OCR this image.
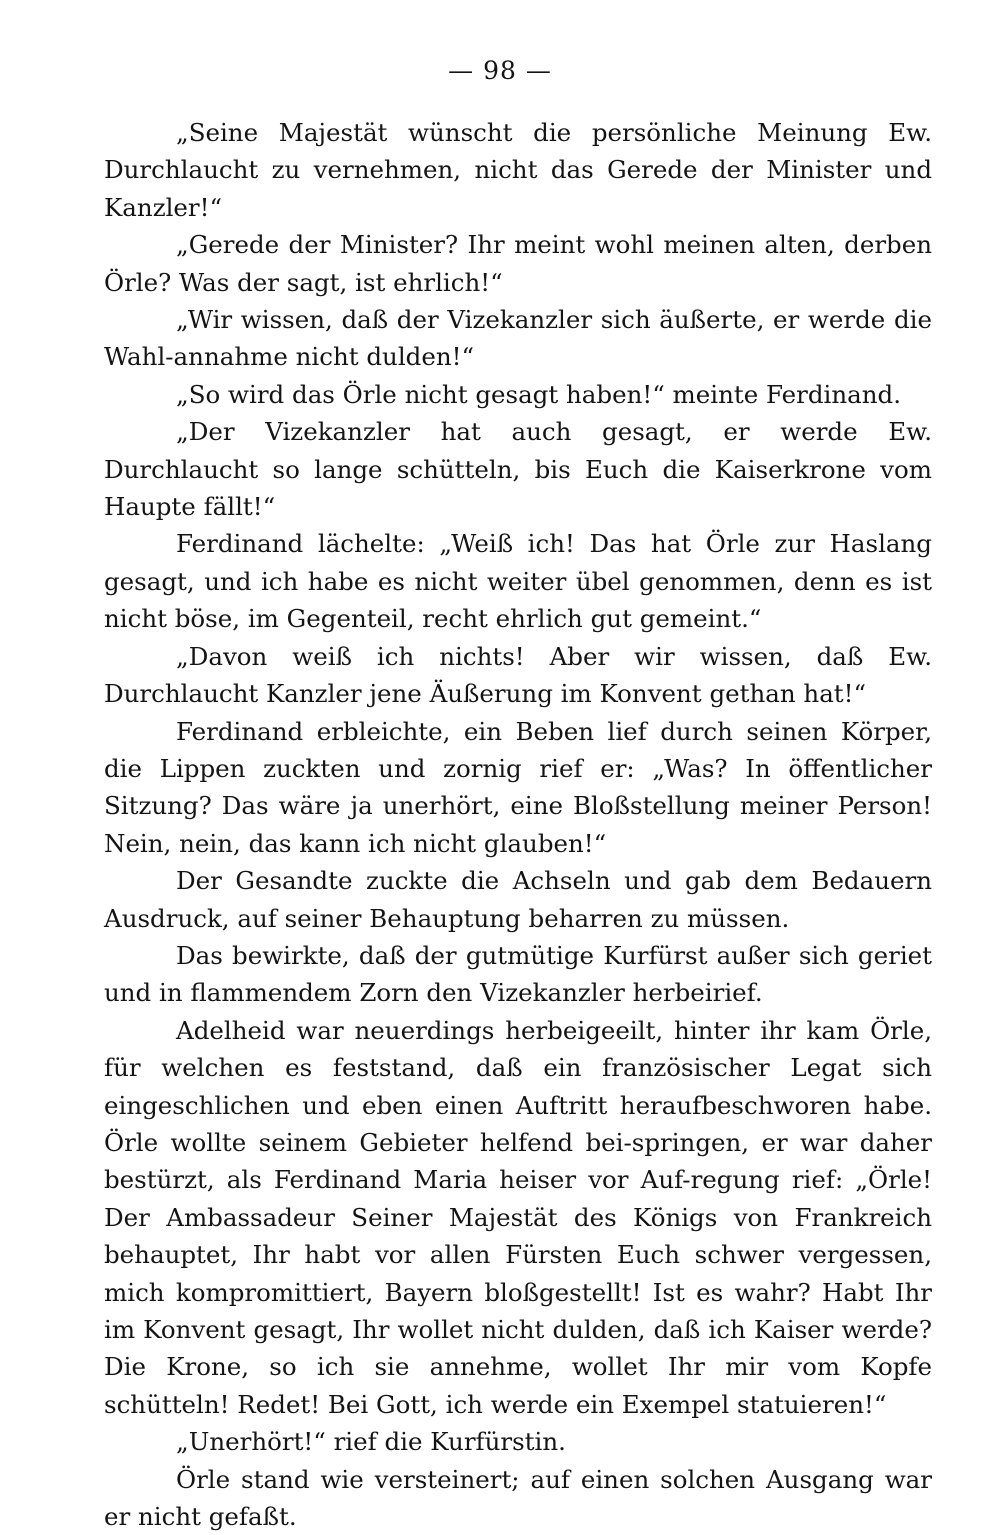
— 98 —

„Seine Majestät wünscht die persönliche Meinung Ew. Durchlaucht zu vernehmen, nicht das Gerede der Minister und Kanzler!“

„Gerede der Minister? Ihr meint wohl meinen alten, derben Örle? Was der sagt, ist ehrlich!“

„Wir wissen, daß der Vizekanzler sich äußerte, er werde die Wahl-annahme nicht dulden!“

„So wird das Örle nicht gesagt haben!“ meinte Ferdinand.

„Der Vizekanzler hat auch gesagt, er werde Ew. Durchlaucht so lange schütteln, bis Euch die Kaiserkrone vom Haupte fällt!“

Ferdinand lächelte: „Weiß ich! Das hat Örle zur Haslang gesagt, und ich habe es nicht weiter übel genommen, denn es ist nicht böse, im Gegenteil, recht ehrlich gut gemeint.“

„Davon weiß ich nichts! Aber wir wissen, daß Ew. Durchlaucht Kanzler jene Äußerung im Konvent gethan hat!“

Ferdinand erbleichte, ein Beben lief durch seinen Körper, die Lippen zuckten und zornig rief er: „Was? In öffentlicher Sitzung? Das wäre ja unerhört, eine Bloßstellung meiner Person! Nein, nein, das kann ich nicht glauben!“

Der Gesandte zuckte die Achseln und gab dem Bedauern Ausdruck, auf seiner Behauptung beharren zu müssen.

Das bewirkte, daß der gutmütige Kurfürst außer sich geriet und in flammendem Zorn den Vizekanzler herbeirief.

Adelheid war neuerdings herbeigeeilt, hinter ihr kam Örle, für welchen es feststand, daß ein französischer Legat sich eingeschlichen und eben einen Auftritt heraufbeschworen habe. Örle wollte seinem Gebieter helfend bei-springen, er war daher bestürzt, als Ferdinand Maria heiser vor Auf-regung rief: „Örle! Der Ambassadeur Seiner Majestät des Königs von Frankreich behauptet, Ihr habt vor allen Fürsten Euch schwer vergessen, mich kompromittiert, Bayern bloßgestellt! Ist es wahr? Habt Ihr im Konvent gesagt, Ihr wollet nicht dulden, daß ich Kaiser werde? Die Krone, so ich sie annehme, wollet Ihr mir vom Kopfe schütteln! Redet! Bei Gott, ich werde ein Exempel statuieren!“

„Unerhört!“ rief die Kurfürstin.

Örle stand wie versteinert; auf einen solchen Ausgang war er nicht gefaßt.
